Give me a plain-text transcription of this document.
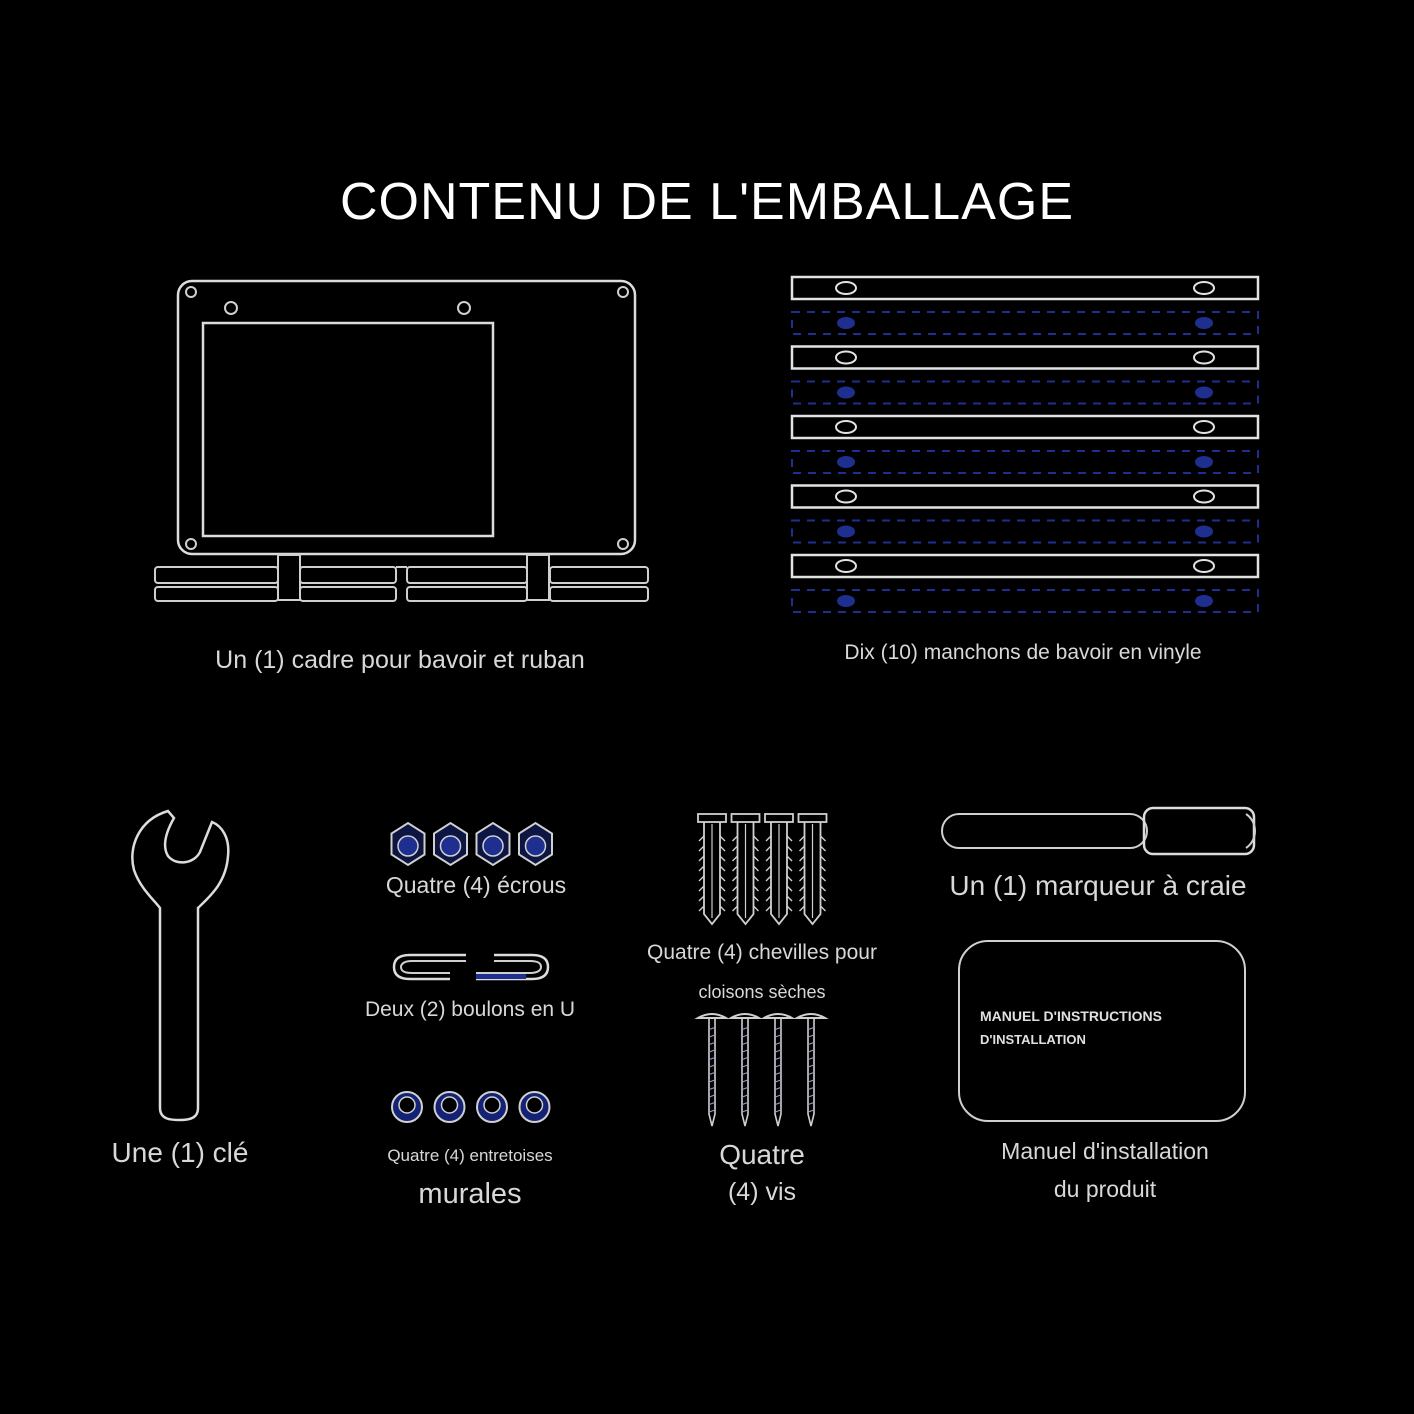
CONTENU DE L'EMBALLAGE
Un (1) cadre pour bavoir et ruban	Dix (10) manchons de bavoir en vinyle
Une (1) clé
Quatre (4) écrous
Deux (2) boulons en U
Quatre (4) entretoises
murales
Quatre (4) chevilles pour
cloisons sèches
Quatre
(4) vis
Un (1) marqueur à craie
MANUEL D'INSTRUCTIONS
D'INSTALLATION
Manuel d'installation
du produit
